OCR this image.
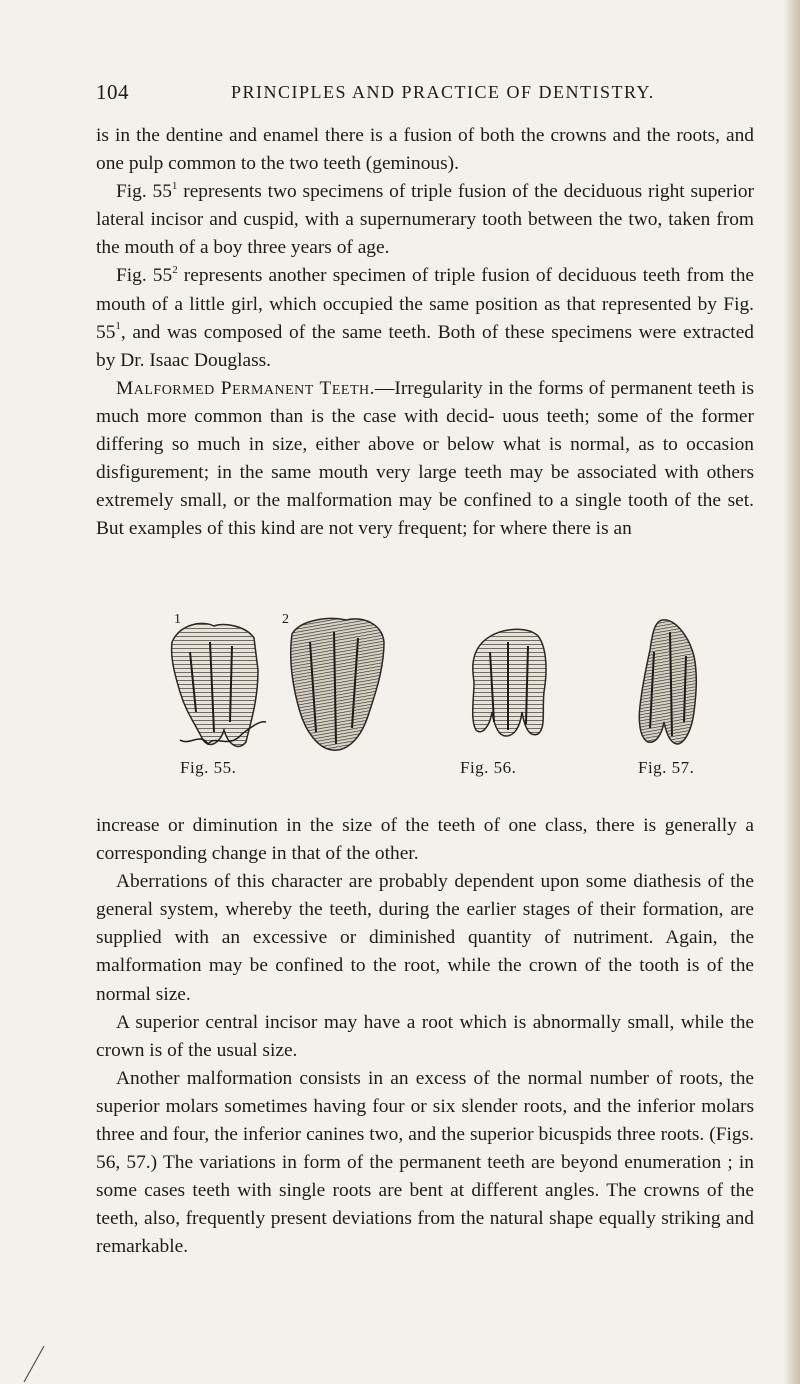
104	PRINCIPLES AND PRACTICE OF DENTISTRY.

is in the dentine and enamel there is a fusion of both the crowns and the roots, and one pulp common to the two teeth (geminous).

Fig. $55^1$ represents two specimens of triple fusion of the deciduous right superior lateral incisor and cuspid, with a supernumerary tooth between the two, taken from the mouth of a boy three years of age.

Fig. $55^2$ represents another specimen of triple fusion of deciduous teeth from the mouth of a little girl, which occupied the same position as that represented by Fig. $55^1$, and was composed of the same teeth. Both of these specimens were extracted by Dr. Isaac Douglass.

Malformed Permanent Teeth.—Irregularity in the forms of permanent teeth is much more common than is the case with decid- uous teeth; some of the former differing so much in size, either above or below what is normal, as to occasion disfigurement; in the same mouth very large teeth may be associated with others extremely small, or the malformation may be confined to a single tooth of the set. But examples of this kind are not very frequent; for where there is an

1	2
Fig. 55.	Fig. 56.	Fig. 57.

increase or diminution in the size of the teeth of one class, there is generally a corresponding change in that of the other.

Aberrations of this character are probably dependent upon some diathesis of the general system, whereby the teeth, during the earlier stages of their formation, are supplied with an excessive or diminished quantity of nutriment. Again, the malformation may be confined to the root, while the crown of the tooth is of the normal size.

A superior central incisor may have a root which is abnormally small, while the crown is of the usual size.

Another malformation consists in an excess of the normal number of roots, the superior molars sometimes having four or six slender roots, and the inferior molars three and four, the inferior canines two, and the superior bicuspids three roots. (Figs. 56, 57.) The variations in form of the permanent teeth are beyond enumeration ; in some cases teeth with single roots are bent at different angles. The crowns of the teeth, also, frequently present deviations from the natural shape equally striking and remarkable.
